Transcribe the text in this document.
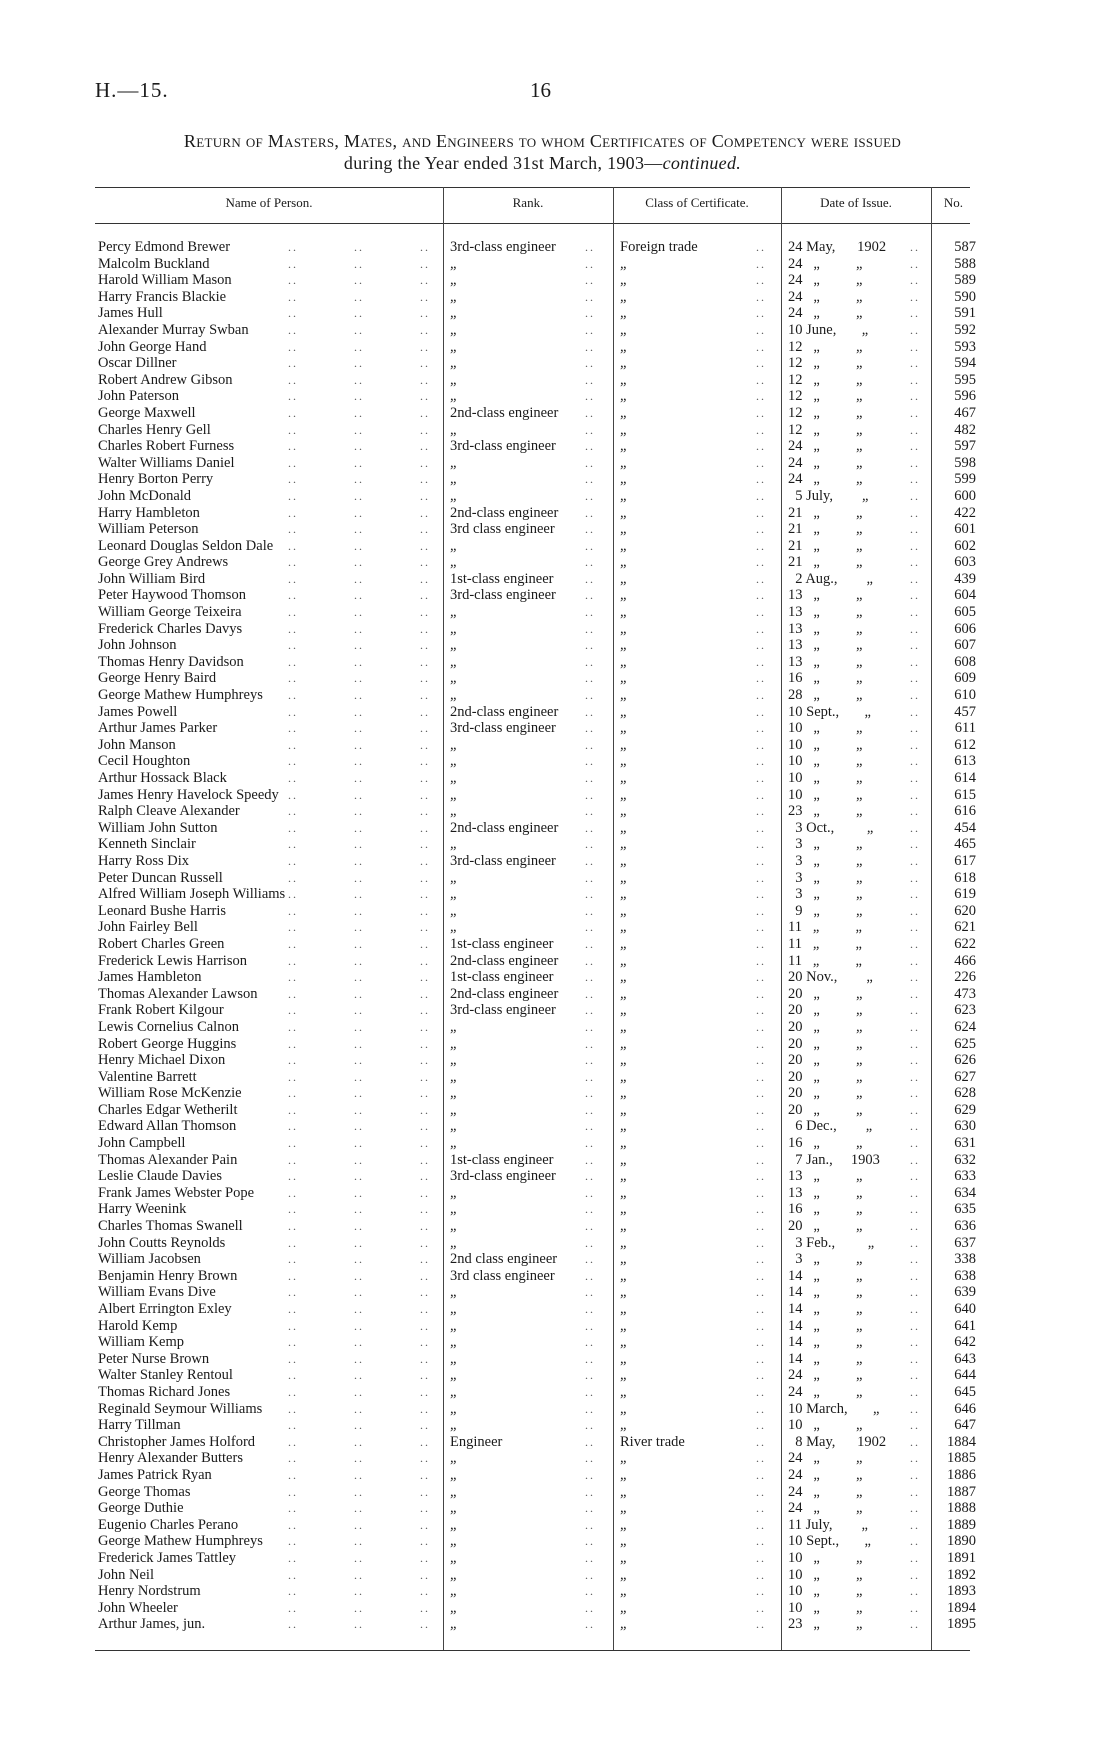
H.—15.	16
Return of Masters, Mates, and Engineers to whom Certificates of Competency were issued
during the Year ended 31st March, 1903—continued.
Name of Person.	Rank.	Class of Certificate.	Date of Issue.	No.
Percy Edmond Brewer	3rd-class engineer	Foreign trade	24 May,      1902	587
..	..	..	..	..	..
Malcolm Buckland	„	„	24   „          „	588
..	..	..	..	..	..
Harold William Mason	„	„	24   „          „	589
..	..	..	..	..	..
Harry Francis Blackie	„	„	24   „          „	590
..	..	..	..	..	..
James Hull	„	„	24   „          „	591
..	..	..	..	..	..
Alexander Murray Swban	„	„	10 June,       „	592
..	..	..	..	..	..
John George Hand	„	„	12   „          „	593
..	..	..	..	..	..
Oscar Dillner	„	„	12   „          „	594
..	..	..	..	..	..
Robert Andrew Gibson	„	„	12   „          „	595
..	..	..	..	..	..
John Paterson	„	„	12   „          „	596
..	..	..	..	..	..
George Maxwell	2nd-class engineer	„	12   „          „	467
..	..	..	..	..	..
Charles Henry Gell	„	„	12   „          „	482
..	..	..	..	..	..
Charles Robert Furness	3rd-class engineer	„	24   „          „	597
..	..	..	..	..	..
Walter Williams Daniel	„	„	24   „          „	598
..	..	..	..	..	..
Henry Borton Perry	„	„	24   „          „	599
..	..	..	..	..	..
John McDonald	„	„	5 July,        „	600
..	..	..	..	..	..
Harry Hambleton	2nd-class engineer	„	21   „          „	422
..	..	..	..	..	..
William Peterson	3rd class engineer	„	21   „          „	601
..	..	..	..	..	..
Leonard Douglas Seldon Dale	„	„	21   „          „	602
..	..	..	..	..	..
George Grey Andrews	„	„	21   „          „	603
..	..	..	..	..	..
John William Bird	1st-class engineer	„	2 Aug.,        „	439
..	..	..	..	..	..
Peter Haywood Thomson	3rd-class engineer	„	13   „          „	604
..	..	..	..	..	..
William George Teixeira	„	„	13   „          „	605
..	..	..	..	..	..
Frederick Charles Davys	„	„	13   „          „	606
..	..	..	..	..	..
John Johnson	„	„	13   „          „	607
..	..	..	..	..	..
Thomas Henry Davidson	„	„	13   „          „	608
..	..	..	..	..	..
George Henry Baird	„	„	16   „          „	609
..	..	..	..	..	..
George Mathew Humphreys	„	„	28   „          „	610
..	..	..	..	..	..
James Powell	2nd-class engineer	„	10 Sept.,       „	457
..	..	..	..	..	..
Arthur James Parker	3rd-class engineer	„	10   „          „	611
..	..	..	..	..	..
John Manson	„	„	10   „          „	612
..	..	..	..	..	..
Cecil Houghton	„	„	10   „          „	613
..	..	..	..	..	..
Arthur Hossack Black	„	„	10   „          „	614
..	..	..	..	..	..
James Henry Havelock Speedy	„	„	10   „          „	615
..	..	..	..	..	..
Ralph Cleave Alexander	„	„	23   „          „	616
..	..	..	..	..	..
William John Sutton	2nd-class engineer	„	3 Oct.,         „	454
..	..	..	..	..	..
Kenneth Sinclair	„	„	3   „          „	465
..	..	..	..	..	..
Harry Ross Dix	3rd-class engineer	„	3   „          „	617
..	..	..	..	..	..
Peter Duncan Russell	„	„	3   „          „	618
..	..	..	..	..	..
Alfred William Joseph Williams	„	„	3   „          „	619
..	..	..	..	..	..
Leonard Bushe Harris	„	„	9   „          „	620
..	..	..	..	..	..
John Fairley Bell	„	„	11   „          „	621
..	..	..	..	..	..
Robert Charles Green	1st-class engineer	„	11   „          „	622
..	..	..	..	..	..
Frederick Lewis Harrison	2nd-class engineer	„	11   „          „	466
..	..	..	..	..	..
James Hambleton	1st-class engineer	„	20 Nov.,        „	226
..	..	..	..	..	..
Thomas Alexander Lawson	2nd-class engineer	„	20   „          „	473
..	..	..	..	..	..
Frank Robert Kilgour	3rd-class engineer	„	20   „          „	623
..	..	..	..	..	..
Lewis Cornelius Calnon	„	„	20   „          „	624
..	..	..	..	..	..
Robert George Huggins	„	„	20   „          „	625
..	..	..	..	..	..
Henry Michael Dixon	„	„	20   „          „	626
..	..	..	..	..	..
Valentine Barrett	„	„	20   „          „	627
..	..	..	..	..	..
William Rose McKenzie	„	„	20   „          „	628
..	..	..	..	..	..
Charles Edgar Wetherilt	„	„	20   „          „	629
..	..	..	..	..	..
Edward Allan Thomson	„	„	6 Dec.,        „	630
..	..	..	..	..	..
John Campbell	„	„	16   „          „	631
..	..	..	..	..	..
Thomas Alexander Pain	1st-class engineer	„	7 Jan.,     1903	632
..	..	..	..	..	..
Leslie Claude Davies	3rd-class engineer	„	13   „          „	633
..	..	..	..	..	..
Frank James Webster Pope	„	„	13   „          „	634
..	..	..	..	..	..
Harry Weenink	„	„	16   „          „	635
..	..	..	..	..	..
Charles Thomas Swanell	„	„	20   „          „	636
..	..	..	..	..	..
John Coutts Reynolds	„	„	3 Feb.,         „	637
..	..	..	..	..	..
William Jacobsen	2nd class engineer	„	3   „          „	338
..	..	..	..	..	..
Benjamin Henry Brown	3rd class engineer	„	14   „          „	638
..	..	..	..	..	..
William Evans Dive	„	„	14   „          „	639
..	..	..	..	..	..
Albert Errington Exley	„	„	14   „          „	640
..	..	..	..	..	..
Harold Kemp	„	„	14   „          „	641
..	..	..	..	..	..
William Kemp	„	„	14   „          „	642
..	..	..	..	..	..
Peter Nurse Brown	„	„	14   „          „	643
..	..	..	..	..	..
Walter Stanley Rentoul	„	„	24   „          „	644
..	..	..	..	..	..
Thomas Richard Jones	„	„	24   „          „	645
..	..	..	..	..	..
Reginald Seymour Williams	„	„	10 March,       „	646
..	..	..	..	..	..
Harry Tillman	„	„	10   „          „	647
..	..	..	..	..	..
Christopher James Holford	Engineer	River trade	8 May,      1902	1884
..	..	..	..	..	..
Henry Alexander Butters	„	„	24   „          „	1885
..	..	..	..	..	..
James Patrick Ryan	„	„	24   „          „	1886
..	..	..	..	..	..
George Thomas	„	„	24   „          „	1887
..	..	..	..	..	..
George Duthie	„	„	24   „          „	1888
..	..	..	..	..	..
Eugenio Charles Perano	„	„	11 July,        „	1889
..	..	..	..	..	..
George Mathew Humphreys	„	„	10 Sept.,       „	1890
..	..	..	..	..	..
Frederick James Tattley	„	„	10   „          „	1891
..	..	..	..	..	..
John Neil	„	„	10   „          „	1892
..	..	..	..	..	..
Henry Nordstrum	„	„	10   „          „	1893
..	..	..	..	..	..
John Wheeler	„	„	10   „          „	1894
..	..	..	..	..	..
Arthur James, jun.	„	„	23   „          „	1895
..	..	..	..	..	..
